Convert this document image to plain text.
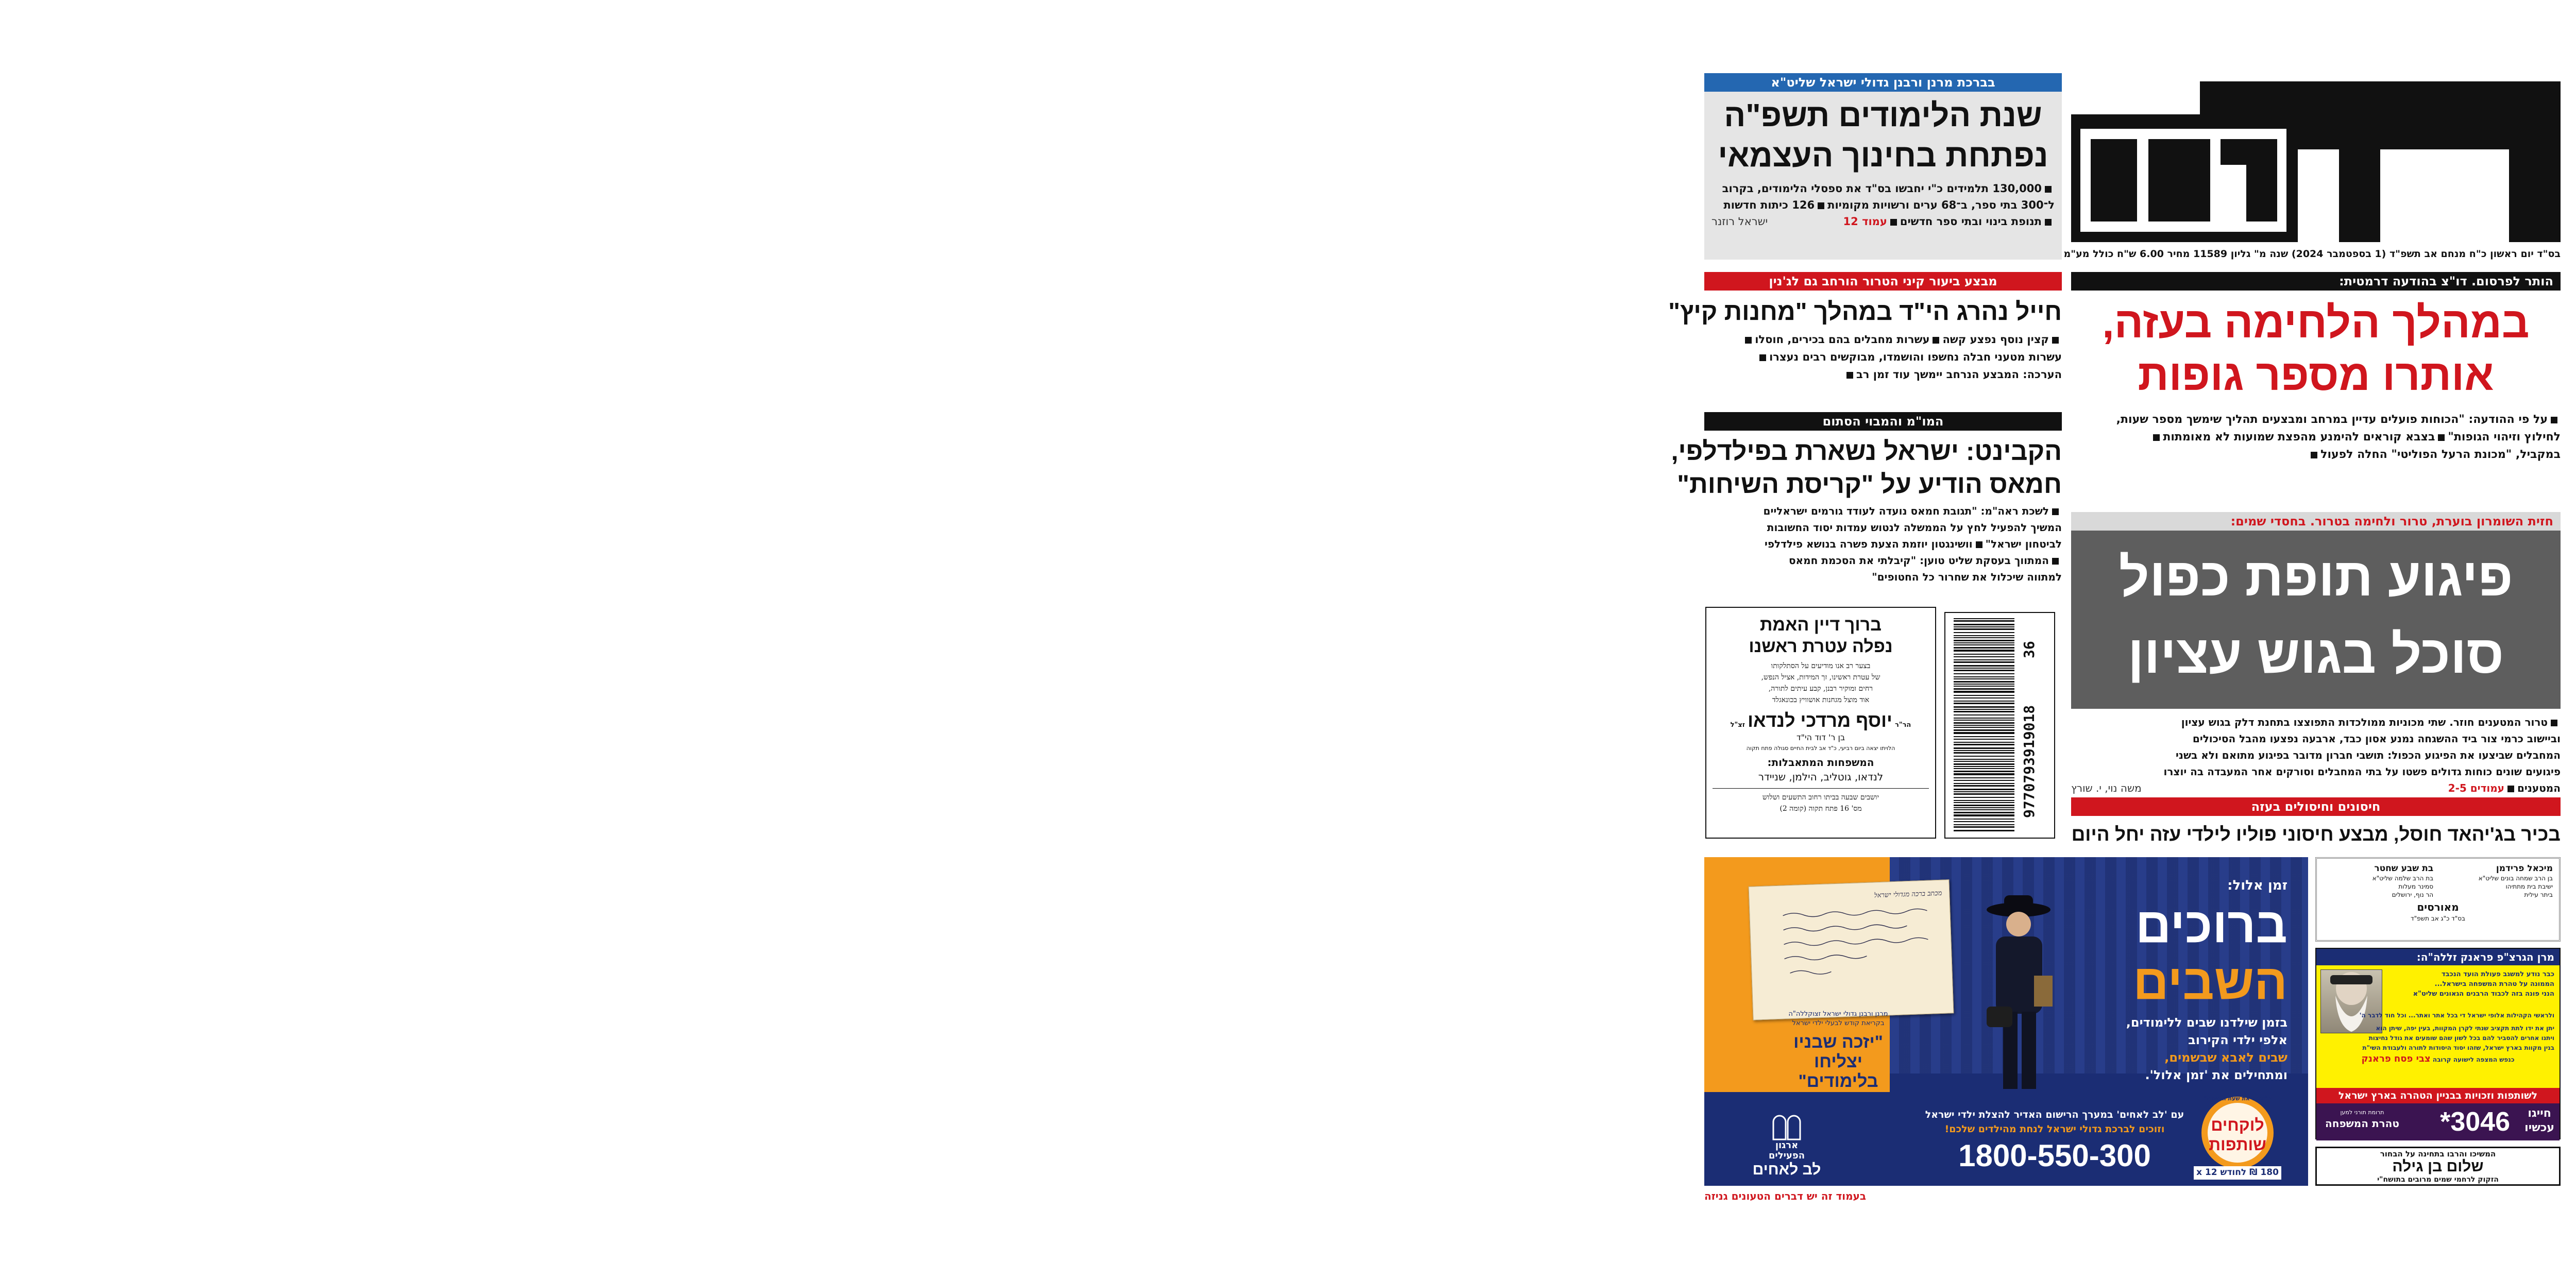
בס"ד יום ראשון כ"ח מנחם אב תשפ"ד (1 בספטמבר 2024) שנה מ" גליון 11589 מחיר 6.00 ש"ח כולל מע"מ
בברכת מרנן ורבנן גדולי ישראל שליט"א
שנת הלימודים תשפ"ה
נפתחת בחינוך העצמאי
130,000 תלמידים כ"י יחבשו בס"ד את ספסלי הלימודים, בקרוב
ל־300 בתי ספר, ב־68 ערים ורשויות מקומיות126 כיתות חדשות
תנופת בינוי ובתי ספר חדשיםעמוד 12
ישראל רוזנר
הותר לפרסום. דו"צ בהודעה דרמטית:
במהלך הלחימה בעזה,
אותרו מספר גופות
על פי ההודעה: "הכוחות פועלים עדיין במרחב ומבצעים תהליך שימשך מספר שעות,
לחילוץ וזיהוי הגופות"בצבא קוראים להימנע מהפצת שמועות לא מאומתות
במקביל, "מכונת הרעל הפוליטי" החלה לפעול
מבצע ביעור קיני הטרור הורחב גם לג'נין
חייל נהרג הי"ד במהלך "מחנות קיץ"
קצין נוסף נפצע קשהעשרות מחבלים בהם בכירים, חוסלו
עשרות מטעני חבלה נחשפו והושמדו, מבוקשים רבים נעצרו
הערכה: המבצע הנרחב יימשך עוד זמן רב
המו"מ והמבוי הסתום
הקבינט: ישראל נשארת בפילדלפי,
חמאס הודיע על "קריסת השיחות"
לשכת ראה"מ: "תגובת חמאס נועדה לעודד גורמים ישראליים
המשיך להפעיל לחץ על הממשלה לנטוש עמדות יסוד החשובות
לביטחון ישראל"וושינגטון יוזמת הצעת פשרה בנושא פילדלפי
המתווך בעסקת שליט טוען: "קיבלתי את הסכמת חמאס
למתווה שיכלול את שחרור כל החטופים"
חזית השומרון בוערת, טרור ולחימה בטרור. בחסדי שמים:
פיגוע תופת כפול
סוכל בגוש עציון
טרור המטענים חוזר. שתי מכוניות ממולכדות התפוצצו בתחנת דלק בגוש עציון
וביישוב כרמי צור ביד ההשגחה נמנע אסון כבד, ארבעה נפצעו מהבל הסיכולים
המחבלים שביצעו את הפיגוע הכפול: תושבי חברון מדובר בפיגוע מתואם ולא בשני
פיגועים שונים כוחות גדולים פשטו על בתי המחבלים וסורקים אחר המעבדה בה יוצרו
המטעניםעמודים 2-5
משה נוי, י. שורץ
חיסונים וחיסולים בעזה
בכיר בג'יהאד חוסל, מבצע חיסוני פוליו לילדי עזה יחל היום
ברוך דיין האמת
נפלה עטרת ראשנו
בצער רב אנו מודיעים על הסתלקותו
של עטרת ראשינו, זך המידות, אציל הנפש,
רחים ומוקיר רבנן, קבע עיתים לתורה,
אוד מוצל מגחנות אושוויץ בכונאגלד
הר"ר יוסף מרדכי לנדאו זצ"ל
בן ר' דוד הי"ד
הלויתו יצאה ביום רביעי, כ"ד אב לבית החיים סגולה פתח תקוה
המשפחות המתאבלות:
לנדאו, גוטליב, הילמן, שניידר
יושבים שבעה בביתו רחוב התשעים ושלוש
מס' 16 פתח תקוה (קומה 2)	9770793919018
36
מיכאל פרידמן
בן הרב שמחה בונים שליט"א
ישיבת בית מתתיהו
ביתר עילית
בת שבע שחטר
בת הרב שלמה שליט"א
סמינר מעלות
הר נוף, ירושלים
מאורסים
בס"ד כ"ג אב תשפ"ד
מכתב ברכה מגדולי ישראל
מרנן ורבנן גדולי ישראל זצוקללה"ה
בקריאת קודש לבעלי ילדי ישראל
"יזכה שבניו
יצליחו
בלימודים"
זמן אלול:
ברוכים
השבים
בזמן שילדנו שבים ללימודים,
אלפי ילדי הקירוב
שבים לאבא שבשמים,
ומתחילים את 'זמן אלול'.
עם 'לב לאחים' במערך הרישום האדיר להצלת ילדי ישראל
וזוכים לברכת גדולי ישראל לנחת מהילדים שלכם!
1800-550-300
ב"אלול את שעת הרישום"
לוקחים
שותפות
180 ₪ לחודש x 12
ארגון
הפעילים
לב לאחים
מרן הגרצ"פ פראנק זללה"ה:
כבר נודע למשגב פעולת הועד הנכבד
הממונה על טהרת המשפחה בישראל...
הנני פונה בזה לכבוד הרבנים הגאונים שליט"א
ולראשי הקהילות אלופי ישראל די בכל אתר ואתר... וכל חוד לדבר ה'
יתן את ידו לתת תקציב שנתי לקרן המקוות, בעין יפה, שיתן הוא
ויתנו אחרים להסביר להם בכל לשון שהם שומעים את גודל נחיצות
בנין מקוות בארץ ישראל, שזהו יסוד היסודות לתורה ולעבודת השי"ת
כנפש המצפה לישועה קרובה צבי פסח פראנק
לשותפות וזכויות בבניין הטהרה בארץ ישראל
חייגו
עכשיו
*3046
תרומת תורני למען
טהרת המשפחה
המשיכו והרבו בתחינה על הבחור
שלום בן גילה
הזקוק לרחמי שמים מרובים בתושח"י
בעמוד זה יש דברים הטעונים גניזה
